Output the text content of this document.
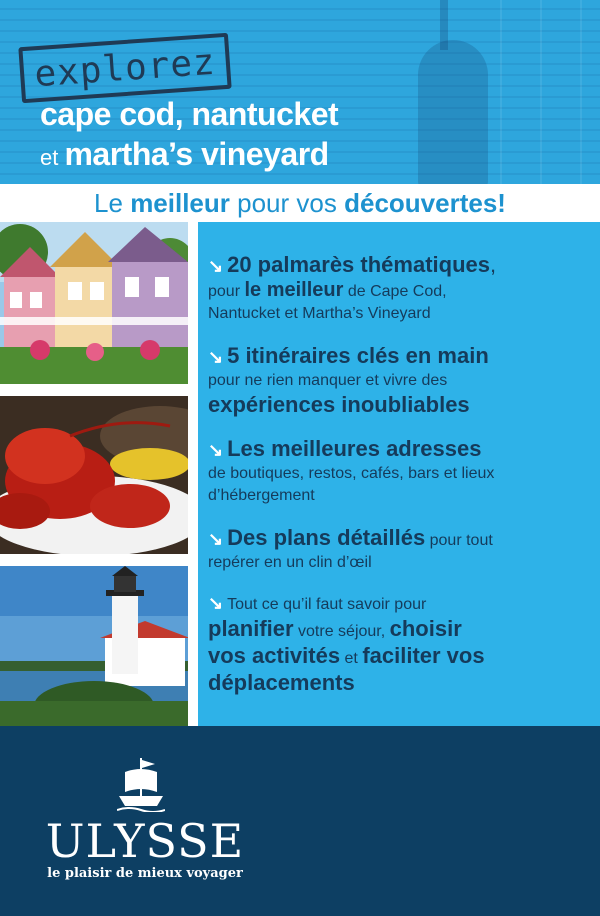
explorez
cape cod, nantucket
et martha’s vineyard
Le
meilleur
pour vos
découvertes!
↘ 20 palmarès thématiques,
pour le meilleur de Cape Cod,
Nantucket et Martha’s Vineyard
↘ 5 itinéraires clés en main
pour ne rien manquer et vivre des
expériences inoubliables
↘ Les meilleures adresses
de boutiques, restos, cafés, bars et lieux
d’hébergement
↘ Des plans détaillés pour tout
repérer en un clin d’œil
↘ Tout ce qu’il faut savoir pour
planifier votre séjour, choisir
vos activités et faciliter vos
déplacements
ULYSSE
le plaisir de mieux voyager
